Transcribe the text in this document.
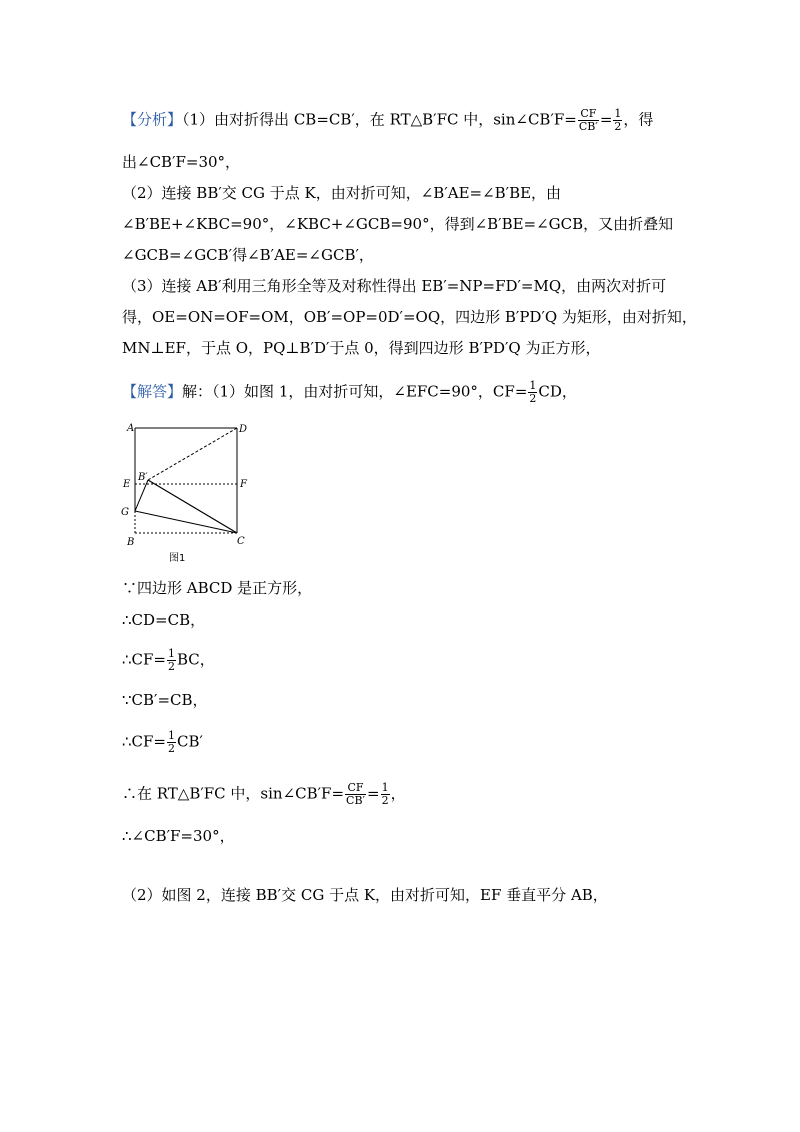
【分析】（1）由对折得出 CB=CB′，在 RT△B′FC 中，sin∠CB′F= $\frac{CF}{CB'} = \frac{1}{2}$ ，得
出∠CB′F=30°，
（2）连接 BB′交 CG 于点 K，由对折可知，∠B′AE=∠B′BE，由
∠B′BE+∠KBC=90°，∠KBC+∠GCB=90°，得到∠B′BE=∠GCB，又由折叠知
∠GCB=∠GCB′得∠B′AE=∠GCB′，
（3）连接 AB′利用三角形全等及对称性得出 EB′=NP=FD′=MQ，由两次对折可
得，OE=ON=OF=OM，OB′=OP=0D′=OQ，四边形 B′PD′Q 为矩形，由对折知，
MN⊥EF，于点 O，PQ⊥B′D′于点 0，得到四边形 B′PD′Q 为正方形，
【解答】解：（1）如图 1，由对折可知，∠EFC=90°，$CF= \frac{1}{2}$ CD，
A	D
E
B′
F
G
B	C
图1
∵四边形 ABCD 是正方形，
∴CD=CB，
∴CF= $\frac{1}{2}$ BC，
∵CB′=CB，
∴CF= $\frac{1}{2} CB'$
∴在 RT△B′FC 中，sin∠CB′F= $\frac{CF}{CB'} = \frac{1}{2}$ ，
∴∠CB′F=30°，
（2）如图 2，连接 BB′交 CG 于点 K，由对折可知，EF 垂直平分 AB，
